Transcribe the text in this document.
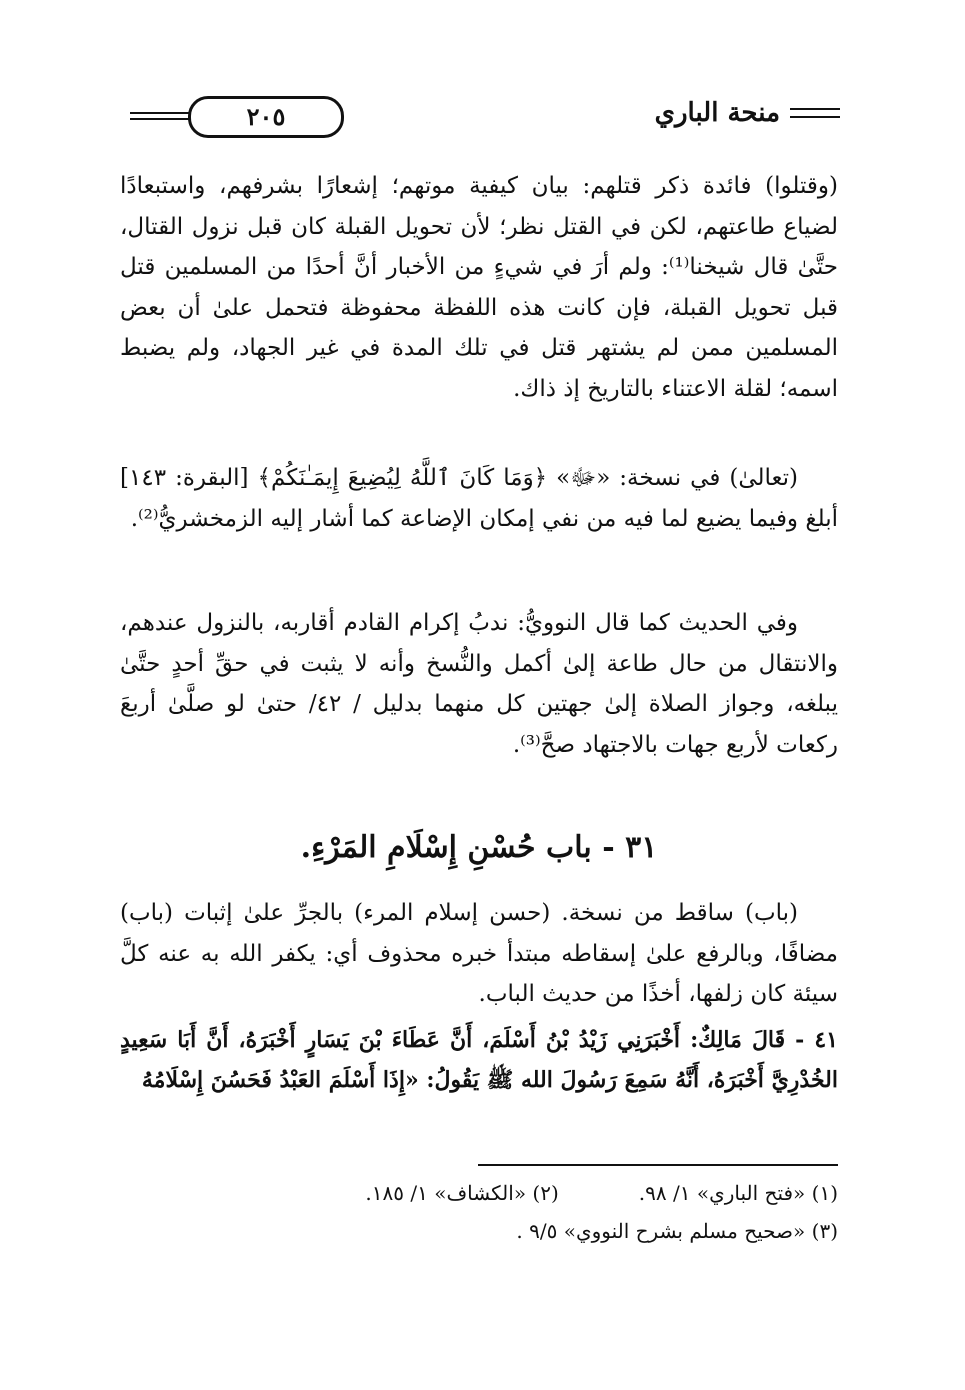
٢٠٥	منحة الباري

(وقتلوا) فائدة ذكر قتلهم: بيان كيفية موتهم؛ إشعارًا بشرفهم، واستبعادًا لضياع طاعتهم، لكن في القتل نظر؛ لأن تحويل القبلة كان قبل نزول القتال، حتَّىٰ قال شيخنا⁽¹⁾: ولم أرَ في شيءٍ من الأخبار أنَّ أحدًا من المسلمين قتل قبل تحويل القبلة، فإن كانت هذه اللفظة محفوظة فتحمل علىٰ أن بعض المسلمين ممن لم يشتهر قتل في تلك المدة في غير الجهاد، ولم يضبط اسمه؛ لقلة الاعتناء بالتاريخ إذ ذاك.

(تعالىٰ) في نسخة: «ﷻ» ﴿وَمَا كَانَ ٱللَّهُ لِيُضِيعَ إِيمَـٰنَكُمْ﴾ [البقرة: ١٤٣] أبلغ وفيما يضيع لما فيه من نفي إمكان الإضاعة كما أشار إليه الزمخشريُّ⁽²⁾.

وفي الحديث كما قال النوويُّ: ندبُ إكرام القادم أقاربه، بالنزول عندهم، والانتقال من حال طاعة إلىٰ أكمل والنُّسخ وأنه لا يثبت في حقِّ أحدٍ حتَّىٰ يبلغه، وجواز الصلاة إلىٰ جهتين كل منهما بدليل / ٤٢/ حتىٰ لو صلَّىٰ أربعَ ركعات لأربع جهات بالاجتهاد صحَّ⁽³⁾.

٣١ - باب حُسْنِ إِسْلَامِ المَرْءِ.

(باب) ساقط من نسخة. (حسن إسلام المرء) بالجرِّ علىٰ إثبات (باب) مضافًا، وبالرفع علىٰ إسقاطه مبتدأ خبره محذوف أي: يكفر الله به عنه كلَّ سيئة كان زلفها، أخذًا من حديث الباب.

٤١ - قَالَ مَالِكٌ: أَخْبَرَنِي زَيْدُ بْنُ أَسْلَمَ، أَنَّ عَطَاءَ بْنَ يَسَارٍ أَخْبَرَهُ، أَنَّ أَبَا سَعِيدٍ الخُدْرِيَّ أَخْبَرَهُ، أَنَّهُ سَمِعَ رَسُولَ الله ﷺ يَقُولُ: «إِذَا أَسْلَمَ العَبْدُ فَحَسُنَ إِسْلَامُهُ
(١) «فتح الباري» ١/ ٩٨.
(٢) «الكشاف» ١/ ١٨٥.
(٣) «صحيح مسلم بشرح النووي» ٩/٥ .
